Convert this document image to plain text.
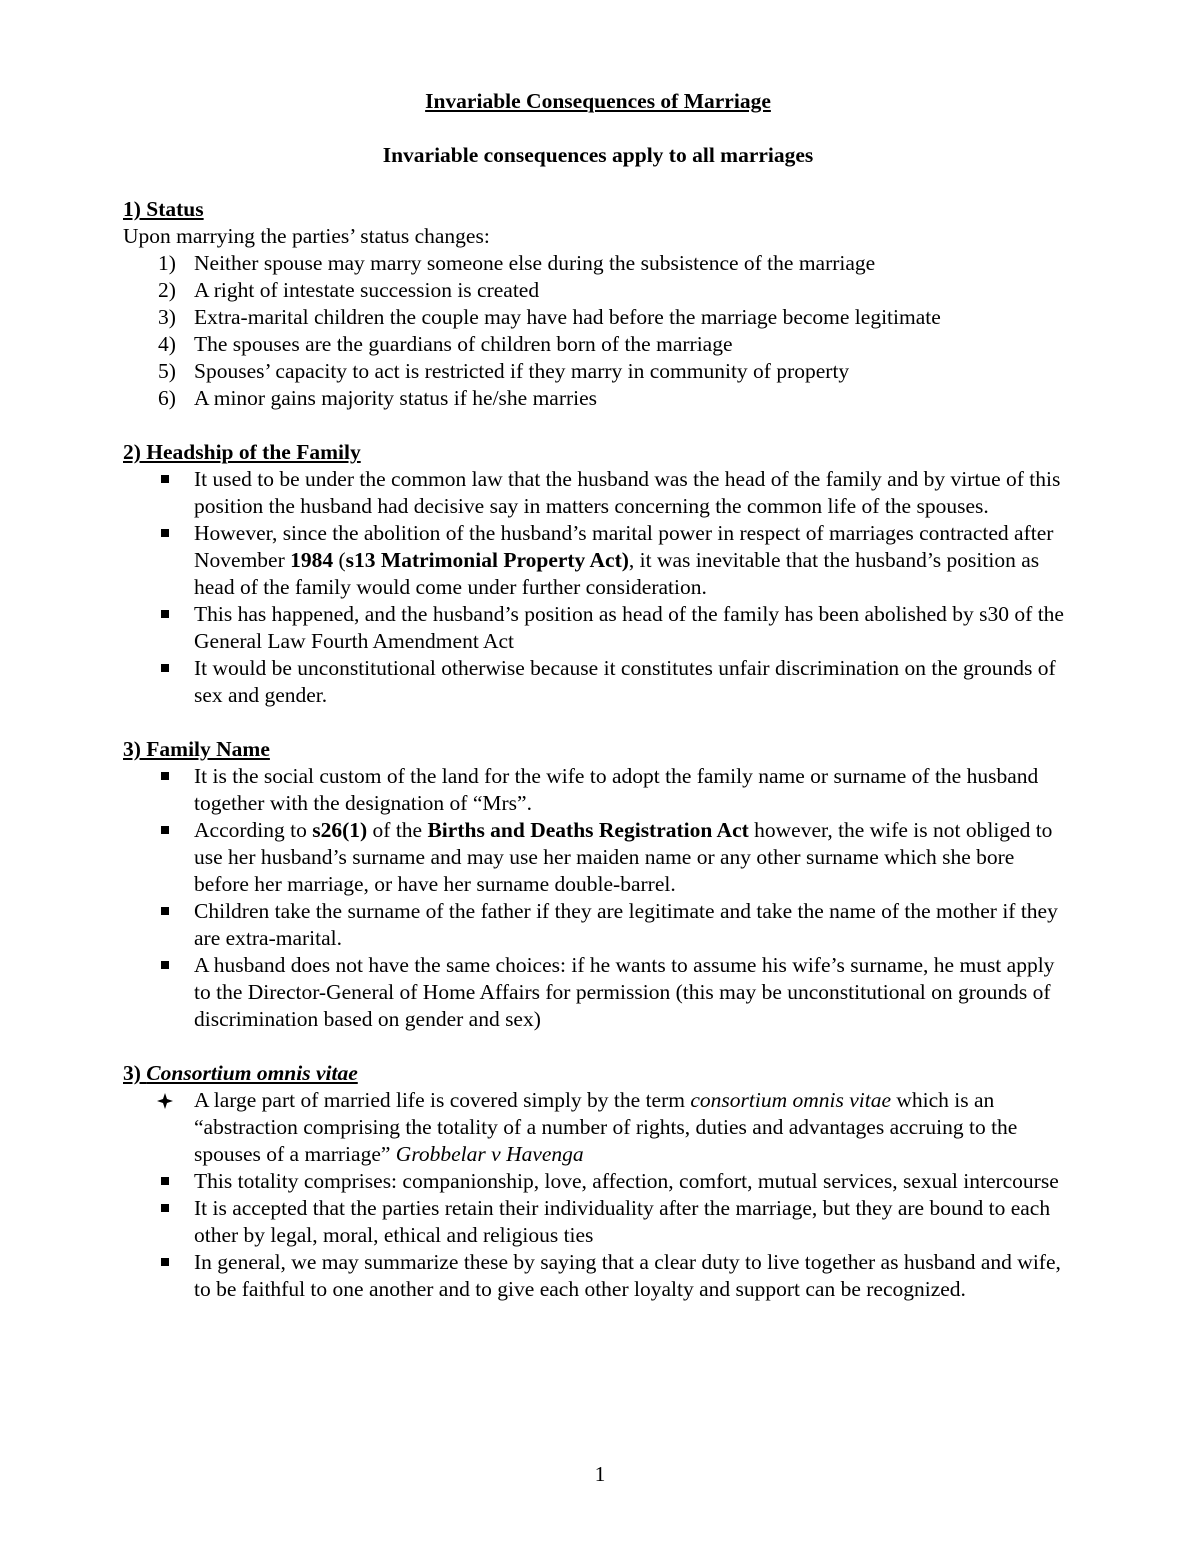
Invariable Consequences of Marriage

Invariable consequences apply to all marriages

1) Status

Upon marrying the parties’ status changes:

1) Neither spouse may marry someone else during the subsistence of the marriage
2) A right of intestate succession is created
3) Extra-marital children the couple may have had before the marriage become legitimate
4) The spouses are the guardians of children born of the marriage
5) Spouses’ capacity to act is restricted if they marry in community of property
6) A minor gains majority status if he/she marries

2) Headship of the Family

It used to be under the common law that the husband was the head of the family and by virtue of this position the husband had decisive say in matters concerning the common life of the spouses.
However, since the abolition of the husband’s marital power in respect of marriages contracted after November 1984 (s13 Matrimonial Property Act), it was inevitable that the husband’s position as head of the family would come under further consideration.
This has happened, and the husband’s position as head of the family has been abolished by s30 of the General Law Fourth Amendment Act
It would be unconstitutional otherwise because it constitutes unfair discrimination on the grounds of sex and gender.

3) Family Name

It is the social custom of the land for the wife to adopt the family name or surname of the husband together with the designation of “Mrs”.
According to s26(1) of the Births and Deaths Registration Act however, the wife is not obliged to use her husband’s surname and may use her maiden name or any other surname which she bore before her marriage, or have her surname double-barrel.
Children take the surname of the father if they are legitimate and take the name of the mother if they are extra-marital.
A husband does not have the same choices: if he wants to assume his wife’s surname, he must apply to the Director-General of Home Affairs for permission (this may be unconstitutional on grounds of discrimination based on gender and sex)

3) Consortium omnis vitae

A large part of married life is covered simply by the term consortium omnis vitae which is an “abstraction comprising the totality of a number of rights, duties and advantages accruing to the spouses of a marriage” Grobbelar v Havenga
This totality comprises: companionship, love, affection, comfort, mutual services, sexual intercourse
It is accepted that the parties retain their individuality after the marriage, but they are bound to each other by legal, moral, ethical and religious ties
In general, we may summarize these by saying that a clear duty to live together as husband and wife, to be faithful to one another and to give each other loyalty and support can be recognized.
1
